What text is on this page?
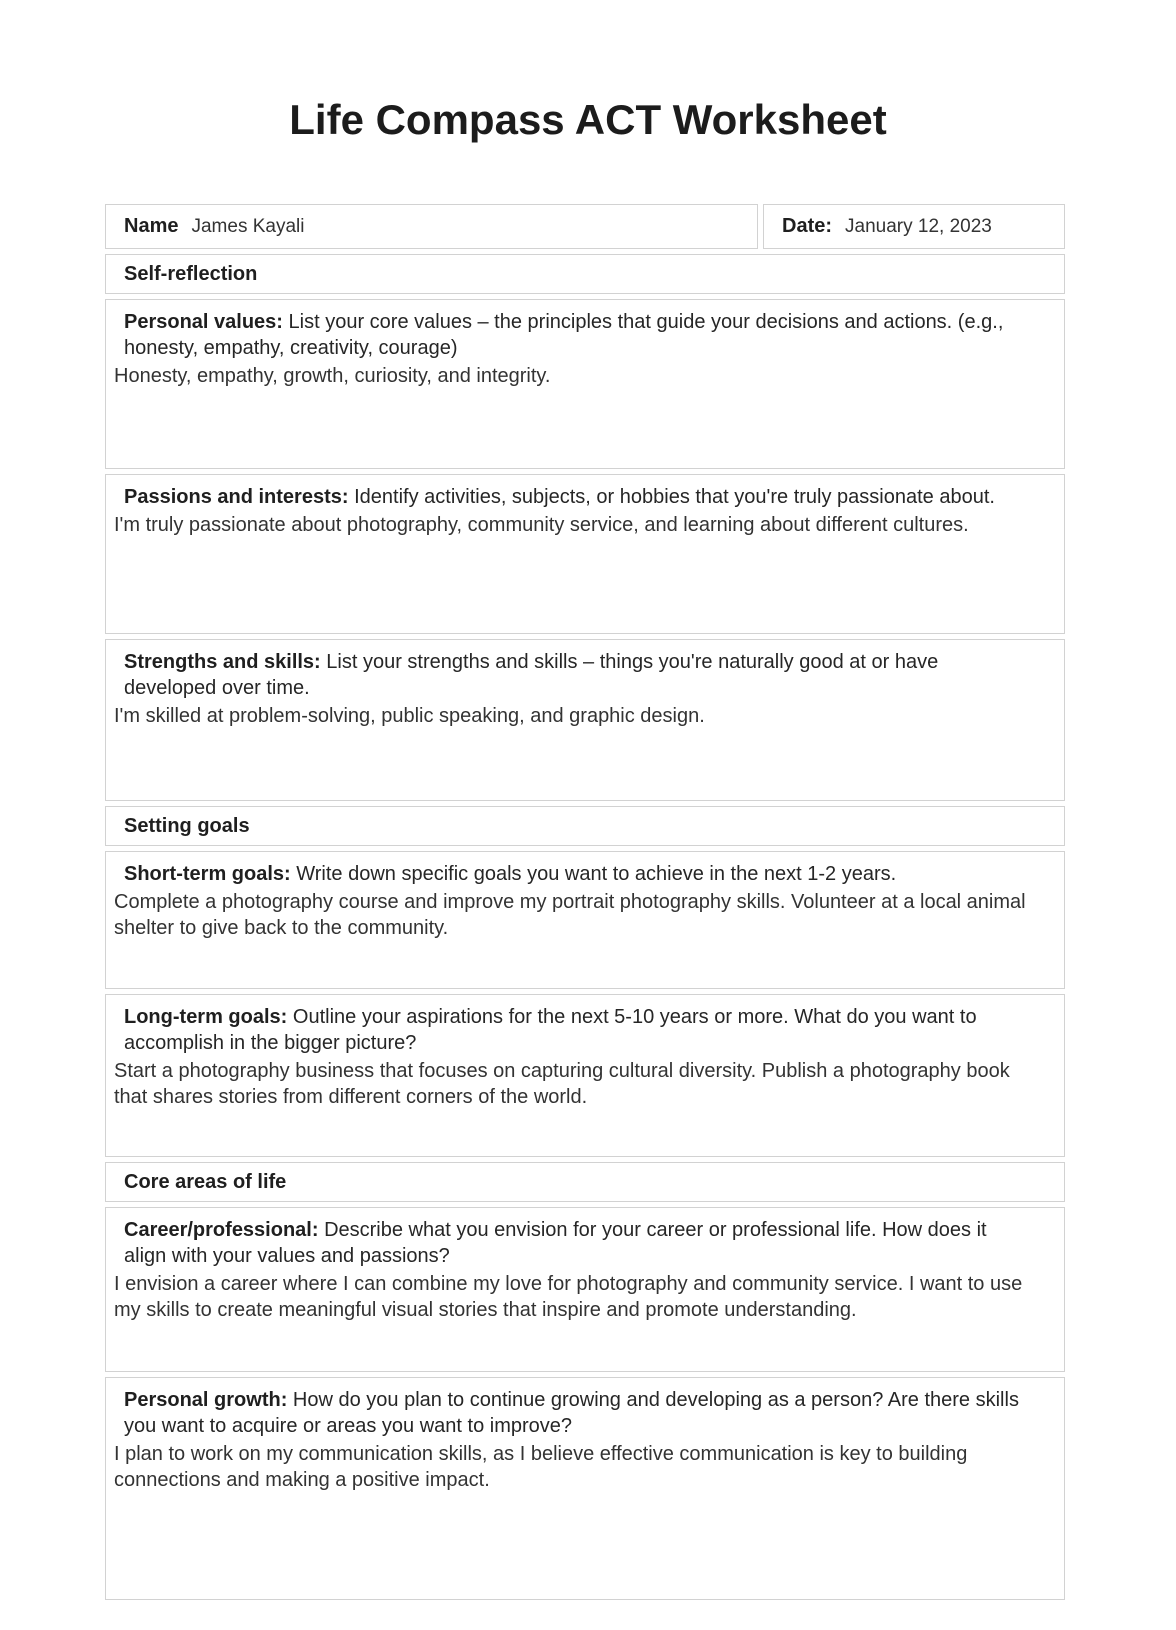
Life Compass ACT Worksheet
Name James Kayali	Date: January 12, 2023
Self-reflection
Personal values: List your core values – the principles that guide your decisions and actions. (e.g., honesty, empathy, creativity, courage)
Honesty, empathy, growth, curiosity, and integrity.
Passions and interests: Identify activities, subjects, or hobbies that you're truly passionate about.
I'm truly passionate about photography, community service, and learning about different cultures.
Strengths and skills: List your strengths and skills – things you're naturally good at or have developed over time.
I'm skilled at problem-solving, public speaking, and graphic design.
Setting goals
Short-term goals: Write down specific goals you want to achieve in the next 1-2 years.
Complete a photography course and improve my portrait photography skills. Volunteer at a local animal shelter to give back to the community.
Long-term goals: Outline your aspirations for the next 5-10 years or more. What do you want to accomplish in the bigger picture?
Start a photography business that focuses on capturing cultural diversity. Publish a photography book that shares stories from different corners of the world.
Core areas of life
Career/professional: Describe what you envision for your career or professional life. How does it align with your values and passions?
I envision a career where I can combine my love for photography and community service. I want to use my skills to create meaningful visual stories that inspire and promote understanding.
Personal growth: How do you plan to continue growing and developing as a person? Are there skills you want to acquire or areas you want to improve?
I plan to work on my communication skills, as I believe effective communication is key to building connections and making a positive impact.
